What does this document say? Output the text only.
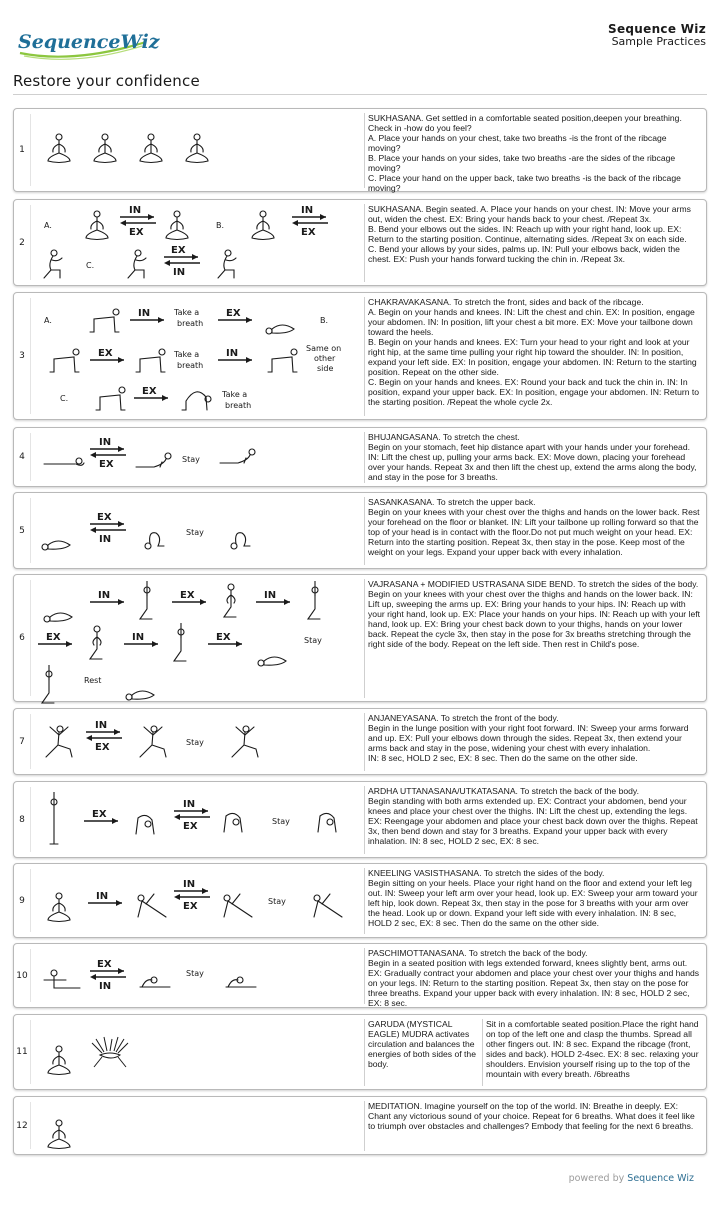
SequenceWiz
Sequence Wiz
Sample Practices
Restore your confidence
1

SUKHASANA. Get settled in a comfortable seated position,deepen your breathing. Check in -how do you feel?

A. Place your hands on your chest, take two breaths -is the front of the ribcage moving?

B. Place your hands on your sides, take two breaths -are the sides of the ribcage moving?

C. Place your hand on the upper back, take two breaths -is the back of the ribcage moving?

2
A.	B.
C.

SUKHASANA. Begin seated. A. Place your hands on your chest. IN: Move your arms out, widen the chest. EX: Bring your hands back to your chest. /Repeat 3x.

B. Bend your elbows out the sides. IN: Reach up with your right hand, look up. EX: Return to the starting position. Continue, alternating sides. /Repeat 3x on each side.

C. Bend your allows by your sides, palms up. IN: Pull your elbows back, widen the chest. EX: Push your hands forward tucking the chin in. /Repeat 3x.

3
A.
Take a
breath	B.
Take a
breath
Same on
other
side
C.	Take a
breath

CHAKRAVAKASANA. To stretch the front, sides and back of the ribcage.

A. Begin on your hands and knees. IN: Lift the chest and chin. EX: In position, engage your abdomen. IN: In position, lift your chest a bit more. EX: Move your tailbone down toward the heels.

B. Begin on your hands and knees. EX: Turn your head to your right and look at your right hip, at the same time pulling your right hip toward the shoulder. IN: In position, expand your left side. EX: In position, engage your abdomen. IN: Return to the starting position. Repeat on the other side.

C. Begin on your hands and knees. EX: Round your back and tuck the chin in. IN: In position, expand your upper back. EX: In position, engage your abdomen. IN: Return to the starting position. /Repeat the whole cycle 2x.

4	Stay

BHUJANGASANA. To stretch the chest.

Begin on your stomach, feet hip distance apart with your hands under your forehead. IN: Lift the chest up, pulling your arms back. EX: Move down, placing your forehead over your hands. Repeat 3x and then lift the chest up, extend the arms along the body, and stay in the pose for 3 breaths.

5	Stay

SASANKASANA. To stretch the upper back.

Begin on your knees with your chest over the thighs and hands on the lower back. Rest your forehead on the floor or blanket. IN: Lift your tailbone up rolling forward so that the top of your head is in contact with the floor.Do not put much weight on your head. EX: Return into the starting position. Repeat 3x, then stay in the pose. Keep most of the weight on your legs. Expand your upper back with every inhalation.

6	Stay
Rest

VAJRASANA + MODIFIED USTRASANA SIDE BEND. To stretch the sides of the body.

Begin on your knees with your chest over the thighs and hands on the lower back. IN: Lift up, sweeping the arms up. EX: Bring your hands to your hips. IN: Reach up with your right hand, look up. EX: Place your hands on your hips. IN: Reach up with your left hand, look up. EX: Bring your chest back down to your thighs, hands on your lower back. Repeat the cycle 3x, then stay in the pose for 3x breaths stretching through the right side of the body. Repeat on the left side. Then rest in Child's pose.

7	Stay

ANJANEYASANA. To stretch the front of the body.

Begin in the lunge position with your right foot forward. IN: Sweep your arms forward and up. EX: Pull your elbows down through the sides. Repeat 3x, then extend your arms back and stay in the pose, widening your chest with every inhalation.

IN: 8 sec, HOLD 2 sec, EX: 8 sec. Then do the same on the other side.

8	Stay

ARDHA UTTANASANA/UTKATASANA. To stretch the back of the body.

Begin standing with both arms extended up. EX: Contract your abdomen, bend your knees and place your chest over the thighs. IN: Lift the chest up, extending the legs. EX: Reengage your abdomen and place your chest back down over the thighs. Repeat 3x, then bend down and stay for 3 breaths. Expand your upper back with every inhalation. IN: 8 sec, HOLD 2 sec, EX: 8 sec.

9	Stay

KNEELING VASISTHASANA. To stretch the sides of the body.

Begin sitting on your heels. Place your right hand on the floor and extend your left leg out. IN: Sweep your left arm over your head, look up. EX: Sweep your arm toward your left hip, look down. Repeat 3x, then stay in the pose for 3 breaths with your arm over the head. Look up or down. Expand your left side with every inhalation. IN: 8 sec, HOLD 2 sec, EX: 8 sec. Then do the same on the other side.

10	Stay

PASCHIMOTTANASANA. To stretch the back of the body.

Begin in a seated position with legs extended forward, knees slightly bent, arms out. EX: Gradually contract your abdomen and place your chest over your thighs and hands on your legs. IN: Return to the starting position. Repeat 3x, then stay on the pose for three breaths. Expand your upper back with every inhalation. IN: 8 sec, HOLD 2 sec, EX: 8 sec.

11
GARUDA (MYSTICAL EAGLE) MUDRA activates circulation and balances the energies of both sides of the body.

Sit in a comfortable seated position.Place the right hand on top of the left one and clasp the thumbs. Spread all other fingers out. IN: 8 sec. Expand the ribcage (front, sides and back). HOLD 2-4sec. EX: 8 sec. relaxing your shoulders. Envision yourself rising up to the top of the mountain with every breath. /6breaths

12

MEDITATION. Imagine yourself on the top of the world. IN: Breathe in deeply. EX: Chant any victorious sound of your choice. Repeat for 6 breaths. What does it feel like to triumph over obstacles and challenges? Embody that feeling for the next 6 breaths.

powered by Sequence Wiz
